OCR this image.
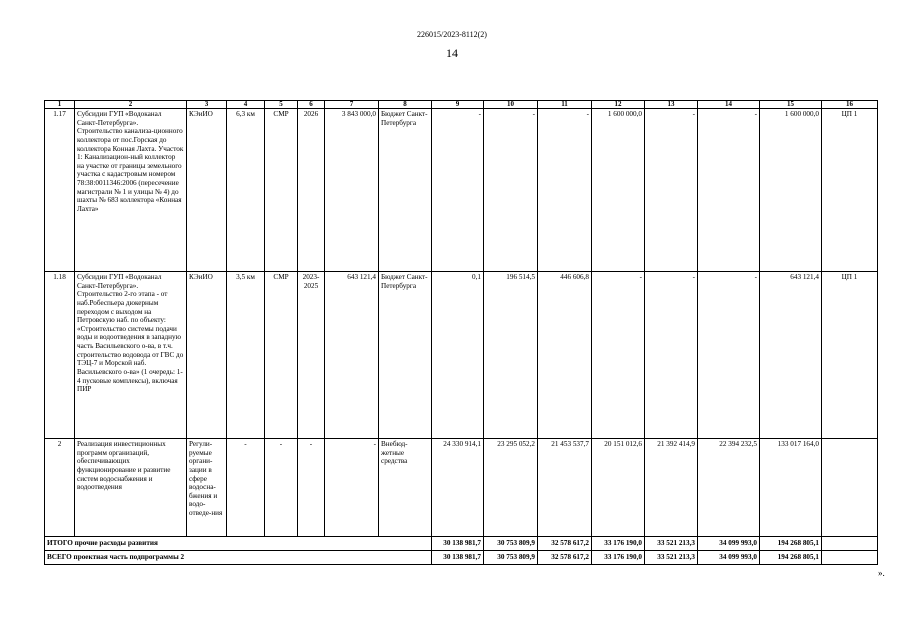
226015/2023-8112(2)
14
1	2	3	4	5	6	7	8	9	10	11	12	13	14	15	16
1.17	Субсидии ГУП «Водоканал Санкт-Петербурга». Строительство канализа-ционного коллектора от пос.Горская до коллектора Конная Лахта. Участок 1: Канализацион-ный коллектор на участке от границы земельного участка с кадастровым номером 78:38:0011346:2006 (пересечение магистрали № 1 и улицы № 4) до шахты № 683 коллектора «Конная Лахта»	КЭиИО	6,3 км	СМР	2026	3 843 000,0	Бюджет Санкт-Петербурга	-	-	-	1 600 000,0	-	-	1 600 000,0	ЦП 1
1.18	Субсидии ГУП «Водоканал Санкт-Петербурга». Строительство 2-го этапа - от наб.Робеспьера дюкерным переходом с выходом на Петровскую наб. по объекту: «Строительство системы подачи воды и водоотведения в западную часть Васильевского о-ва, в т.ч. строительство водовода от ГВС до ТЭЦ-7 и Морской наб. Васильевского о-ва» (1 очередь: 1-4 пусковые комплексы), включая ПИР	КЭиИО	3,5 км	СМР	2023-2025	643 121,4	Бюджет Санкт-Петербурга	0,1	196 514,5	446 606,8	-	-	-	643 121,4	ЦП 1
2	Реализация инвестиционных программ организаций, обеспечивающих функционирование и развитие систем водоснабжения и водоотведения	Регули-руемые органи-зации в сфере водосна-бжения и водо-отведе-ния	-	-	-	-	Внебюд-жетные средства	24 330 914,1	23 295 052,2	21 453 537,7	20 151 012,6	21 392 414,9	22 394 232,5	133 017 164,0	
ИТОГО прочие расходы развития								30 138 981,7	30 753 809,9	32 578 617,2	33 176 190,0	33 521 213,3	34 099 993,0	194 268 805,1	
ВСЕГО проектная часть подпрограммы 2								30 138 981,7	30 753 809,9	32 578 617,2	33 176 190,0	33 521 213,3	34 099 993,0	194 268 805,1	
».
